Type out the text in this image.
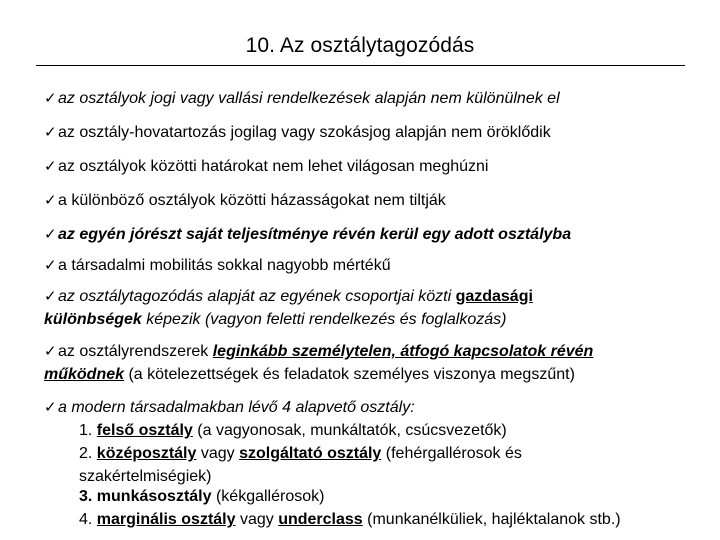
10. Az osztálytagozódás
✓az osztályok jogi vagy vallási rendelkezések alapján nem különülnek el
✓az osztály-hovatartozás jogilag vagy szokásjog alapján nem öröklődik
✓az osztályok közötti határokat nem lehet világosan meghúzni
✓a különböző osztályok közötti házasságokat nem tiltják
✓az egyén jórészt saját teljesítménye révén kerül egy adott osztályba
✓a társadalmi mobilitás sokkal nagyobb mértékű
✓az osztálytagozódás alapját az egyének csoportjai közti gazdasági
különbségek képezik (vagyon feletti rendelkezés és foglalkozás)
✓az osztályrendszerek leginkább személytelen, átfogó kapcsolatok révén
működnek (a kötelezettségek és feladatok személyes viszonya megszűnt)
✓a modern társadalmakban lévő 4 alapvető osztály:
1. felső osztály (a vagyonosak, munkáltatók, csúcsvezetők)
2. középosztály vagy szolgáltató osztály (fehérgallérosok és
szakértelmiségiek)
3. munkásosztály (kékgallérosok)
4. marginális osztály vagy underclass (munkanélküliek, hajléktalanok stb.)
